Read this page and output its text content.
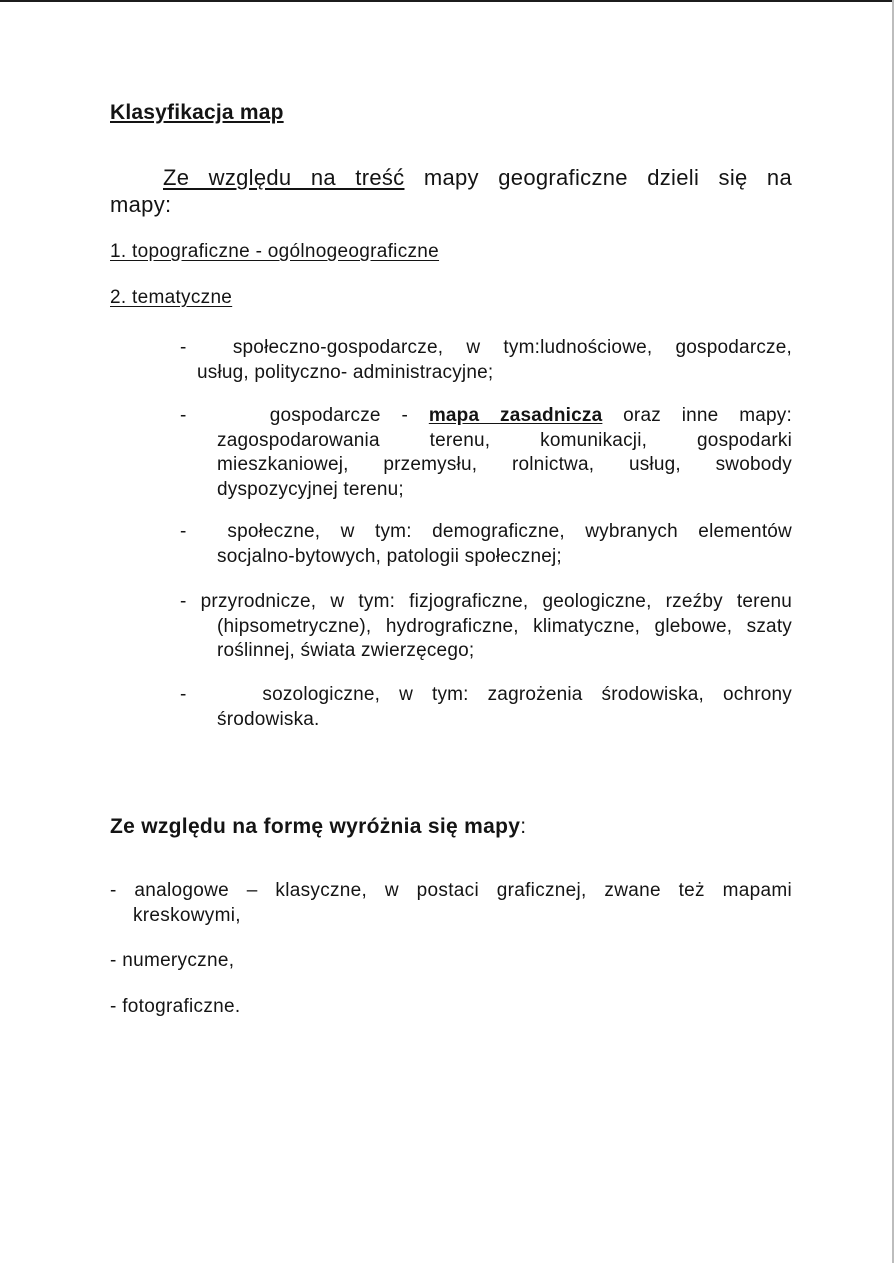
Klasyfikacja map
Ze względu na treść mapy geograficzne dzieli się na
mapy:
1. topograficzne - ogólnogeograficzne
2. tematyczne
- społeczno-gospodarcze, w tym:ludnościowe, gospodarcze,
usług, polityczno- administracyjne;
-	gospodarcze - mapa zasadnicza oraz inne mapy:
zagospodarowania terenu, komunikacji, gospodarki mieszkaniowej, przemysłu, rolnictwa, usług, swobody dyspozycyjnej terenu;
- społeczne, w tym: demograficzne, wybranych elementów
socjalno-bytowych, patologii społecznej;
- przyrodnicze, w tym: fizjograficzne, geologiczne, rzeźby terenu
(hipsometryczne), hydrograficzne, klimatyczne, glebowe, szaty roślinnej, świata zwierzęcego;
-	sozologiczne, w tym: zagrożenia środowiska, ochrony
środowiska.
Ze względu na formę wyróżnia się mapy:
- analogowe – klasyczne, w postaci graficznej, zwane też mapami
kreskowymi,
- numeryczne,
- fotograficzne.
